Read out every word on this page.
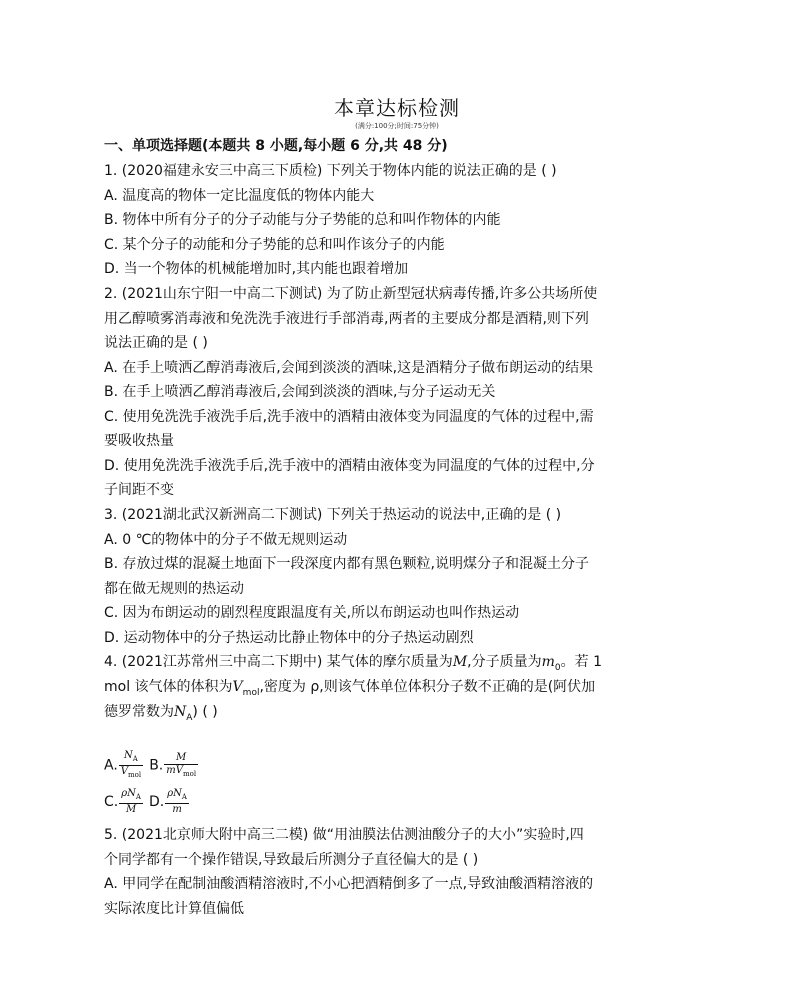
本章达标检测
(满分:100分;时间:75分钟)
一、单项选择题(本题共 8 小题,每小题 6 分,共 48 分)
1. (2020福建永安三中高三下质检) 下列关于物体内能的说法正确的是 ( )
A. 温度高的物体一定比温度低的物体内能大
B. 物体中所有分子的分子动能与分子势能的总和叫作物体的内能
C. 某个分子的动能和分子势能的总和叫作该分子的内能
D. 当一个物体的机械能增加时,其内能也跟着增加
2. (2021山东宁阳一中高二下测试) 为了防止新型冠状病毒传播,许多公共场所使
用乙醇喷雾消毒液和免洗洗手液进行手部消毒,两者的主要成分都是酒精,则下列
说法正确的是 ( )
A. 在手上喷洒乙醇消毒液后,会闻到淡淡的酒味,这是酒精分子做布朗运动的结果
B. 在手上喷洒乙醇消毒液后,会闻到淡淡的酒味,与分子运动无关
C. 使用免洗洗手液洗手后,洗手液中的酒精由液体变为同温度的气体的过程中,需
要吸收热量
D. 使用免洗洗手液洗手后,洗手液中的酒精由液体变为同温度的气体的过程中,分
子间距不变
3. (2021湖北武汉新洲高二下测试) 下列关于热运动的说法中,正确的是 ( )
A. 0 ℃的物体中的分子不做无规则运动
B. 存放过煤的混凝土地面下一段深度内都有黑色颗粒,说明煤分子和混凝土分子
都在做无规则的热运动
C. 因为布朗运动的剧烈程度跟温度有关,所以布朗运动也叫作热运动
D. 运动物体中的分子热运动比静止物体中的分子热运动剧烈
4. (2021江苏常州三中高二下期中) 某气体的摩尔质量为M,分子质量为$m_0$。若 1
mol 该气体的体积为$V_{mol}$,密度为 ρ,则该气体单位体积分子数不正确的是(阿伏加
德罗常数为$N_A$) ( )
A. $\frac{N_A}{V_{mol}} B$. $\frac{M}{mV_{mol}}$
C. $\frac{\rho N_A}{M} D$. $\frac{\rho N_A}{m}$
5. (2021北京师大附中高三二模) 做“用油膜法估测油酸分子的大小”实验时,四
个同学都有一个操作错误,导致最后所测分子直径偏大的是 ( )
A. 甲同学在配制油酸酒精溶液时,不小心把酒精倒多了一点,导致油酸酒精溶液的
实际浓度比计算值偏低
